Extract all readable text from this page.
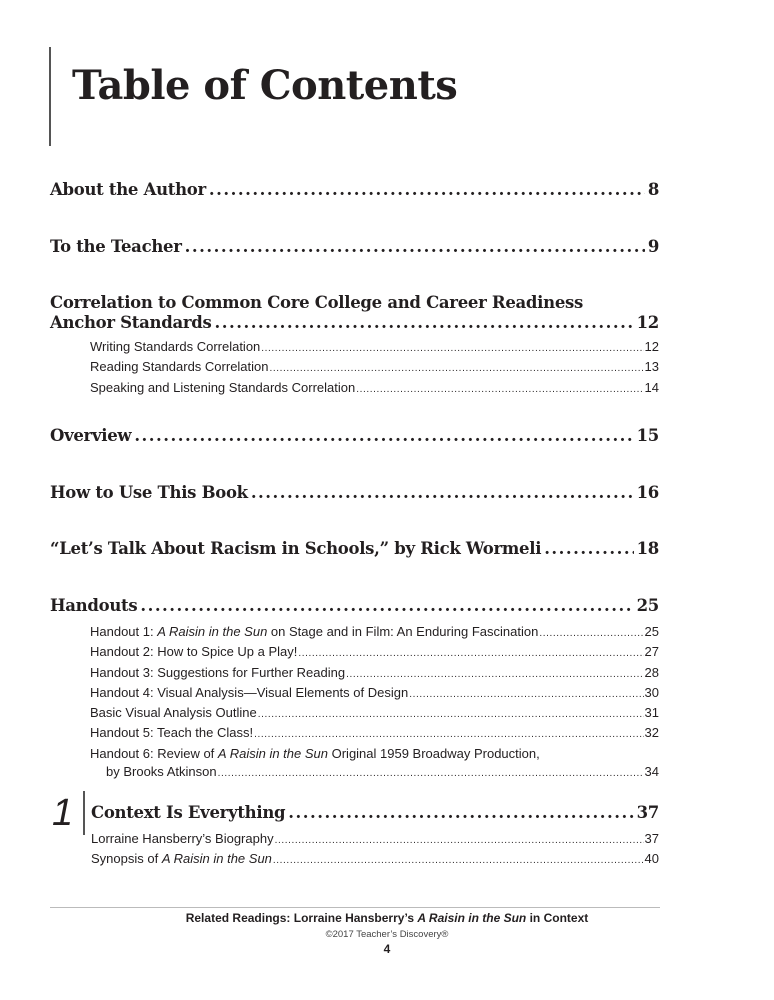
Table of Contents
About the Author .....	8
To the Teacher .....	9
Correlation to Common Core College and Career Readiness
Anchor Standards .....	12
Writing Standards Correlation .....	12
Reading Standards Correlation .....	13
Speaking and Listening Standards Correlation .....	14
Overview .....	15
How to Use This Book .....	16
“Let’s Talk About Racism in Schools,” by Rick Wormeli .....	18
Handouts .....	25
Handout 1: A Raisin in the Sun on Stage and in Film: An Enduring Fascination .....	25
Handout 2: How to Spice Up a Play! .....	27
Handout 3: Suggestions for Further Reading .....	28
Handout 4: Visual Analysis—Visual Elements of Design .....	30
Basic Visual Analysis Outline .....	31
Handout 5: Teach the Class! .....	32
Handout 6: Review of A Raisin in the Sun Original 1959 Broadway Production,
by Brooks Atkinson .....	34
1 Context Is Everything .....	37
Lorraine Hansberry’s Biography .....	37
Synopsis of A Raisin in the Sun .....	40
Related Readings: Lorraine Hansberry’s A Raisin in the Sun in Context
©2017 Teacher’s Discovery®
4
